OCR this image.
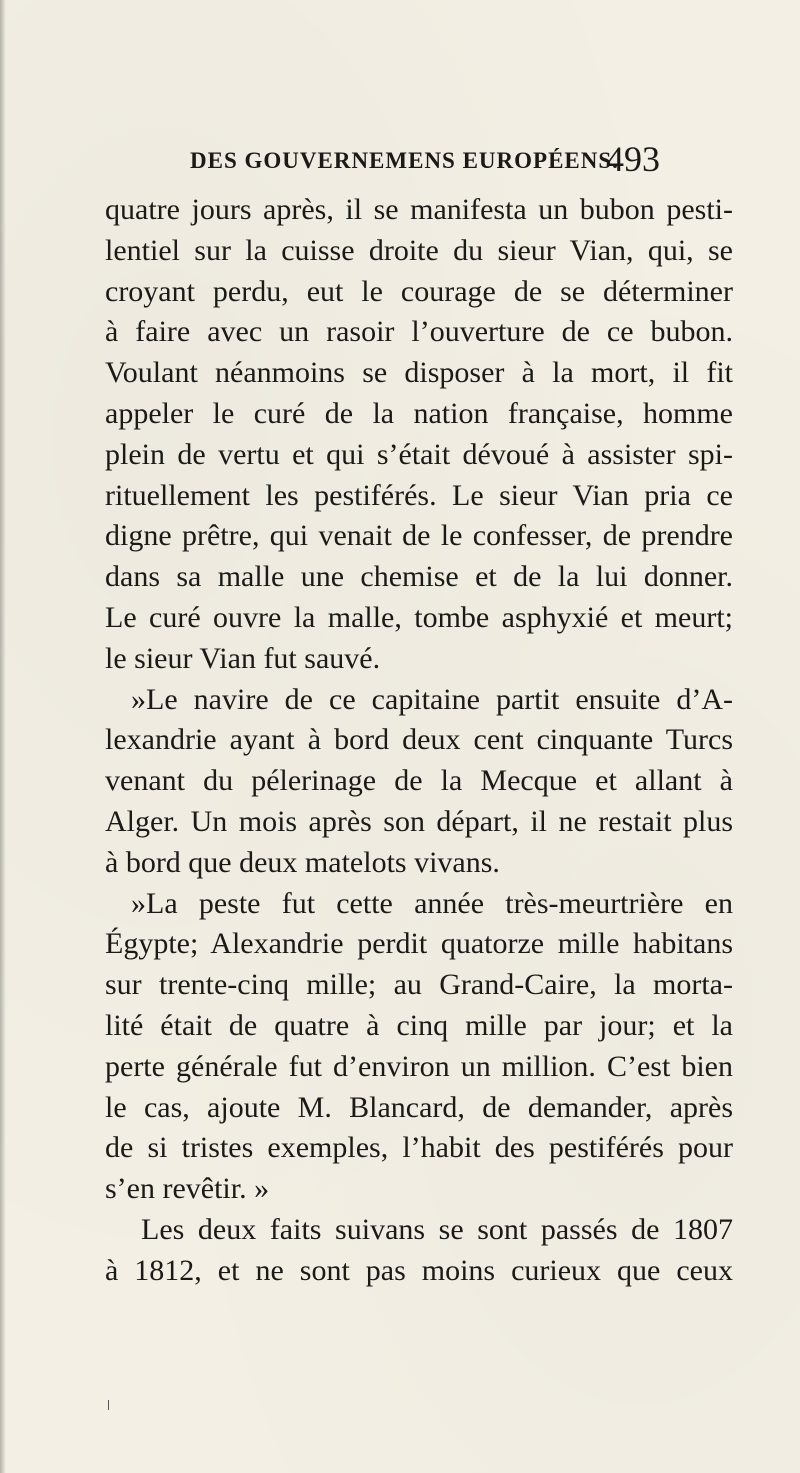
DES GOUVERNEMENS EUROPÉENS.
493
quatre jours après, il se manifesta un bubon pesti-
lentiel sur la cuisse droite du sieur Vian, qui, se
croyant perdu, eut le courage de se déterminer
à faire avec un rasoir l’ouverture de ce bubon.
Voulant néanmoins se disposer à la mort, il fit
appeler le curé de la nation française, homme
plein de vertu et qui s’était dévoué à assister spi-
rituellement les pestiférés. Le sieur Vian pria ce
digne prêtre, qui venait de le confesser, de prendre
dans sa malle une chemise et de la lui donner.
Le curé ouvre la malle, tombe asphyxié et meurt;
le sieur Vian fut sauvé.
»Le navire de ce capitaine partit ensuite d’A-
lexandrie ayant à bord deux cent cinquante Turcs
venant du pélerinage de la Mecque et allant à
Alger. Un mois après son départ, il ne restait plus
à bord que deux matelots vivans.
»La peste fut cette année très-meurtrière en
Égypte; Alexandrie perdit quatorze mille habitans
sur trente-cinq mille; au Grand-Caire, la morta-
lité était de quatre à cinq mille par jour; et la
perte générale fut d’environ un million. C’est bien
le cas, ajoute M. Blancard, de demander, après
de si tristes exemples, l’habit des pestiférés pour
s’en revêtir. »
Les deux faits suivans se sont passés de 1807
à 1812, et ne sont pas moins curieux que ceux
